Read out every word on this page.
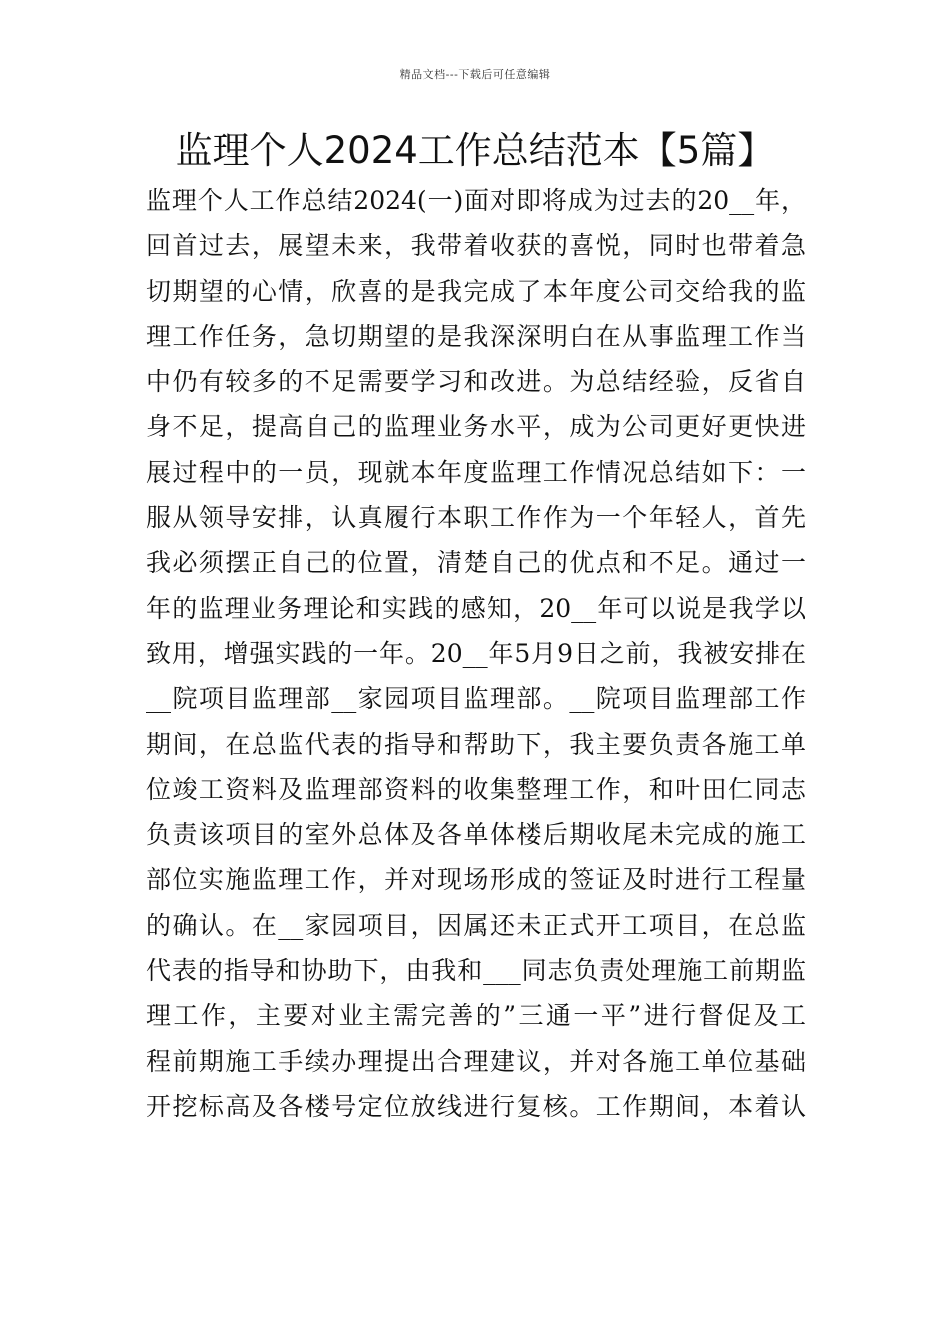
精品文档---下载后可任意编辑
监理个人2024工作总结范本【5篇】
监理个人工作总结2024(一)面对即将成为过去的20__年，
回首过去，展望未来，我带着收获的喜悦，同时也带着急
切期望的心情，欣喜的是我完成了本年度公司交给我的监
理工作任务，急切期望的是我深深明白在从事监理工作当
中仍有较多的不足需要学习和改进。为总结经验，反省自
身不足，提高自己的监理业务水平，成为公司更好更快进
展过程中的一员，现就本年度监理工作情况总结如下：一
服从领导安排，认真履行本职工作作为一个年轻人，首先
我必须摆正自己的位置，清楚自己的优点和不足。通过一
年的监理业务理论和实践的感知，20__年可以说是我学以
致用，增强实践的一年。20__年5月9日之前，我被安排在
__院项目监理部__家园项目监理部。__院项目监理部工作
期间，在总监代表的指导和帮助下，我主要负责各施工单
位竣工资料及监理部资料的收集整理工作，和叶田仁同志
负责该项目的室外总体及各单体楼后期收尾未完成的施工
部位实施监理工作，并对现场形成的签证及时进行工程量
的确认。在__家园项目，因属还未正式开工项目，在总监
代表的指导和协助下，由我和___同志负责处理施工前期监
理工作，主要对业主需完善的”三通一平”进行督促及工
程前期施工手续办理提出合理建议，并对各施工单位基础
开挖标高及各楼号定位放线进行复核。工作期间，本着认
